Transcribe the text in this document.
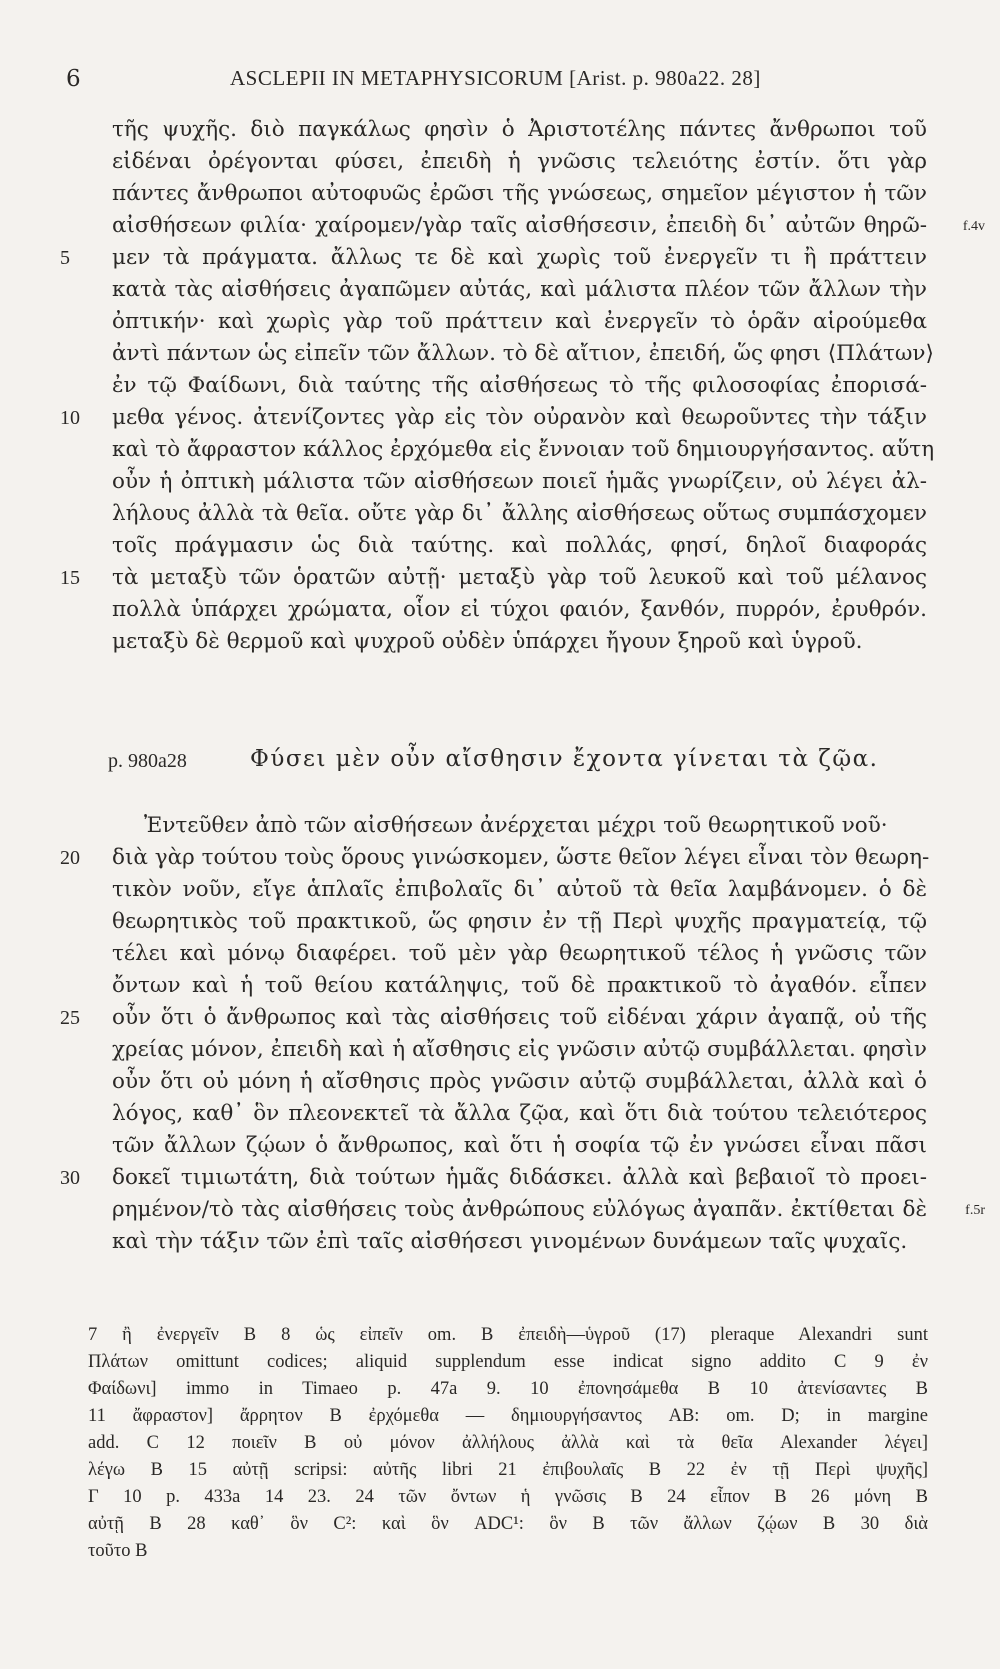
6	ASCLEPII IN METAPHYSICORUM [Arist. p. 980a22. 28]
τῆς ψυχῆς. διὸ παγκάλως φησὶν ὁ Ἀριστοτέλης πάντες ἄνθρωποι τοῦ
εἰδέναι ὀρέγονται φύσει, ἐπειδὴ ἡ γνῶσις τελειότης ἐστίν. ὅτι γὰρ
πάντες ἄνθρωποι αὐτοφυῶς ἐρῶσι τῆς γνώσεως, σημεῖον μέγιστον ἡ τῶν
αἰσθήσεων φιλία· χαίρομεν/γὰρ ταῖς αἰσθήσεσιν, ἐπειδὴ δι᾽ αὐτῶν θηρῶ-	f.4v
μεν τὰ πράγματα. ἄλλως τε δὲ καὶ χωρὶς τοῦ ἐνεργεῖν τι ἢ πράττειν
5
κατὰ τὰς αἰσθήσεις ἀγαπῶμεν αὐτάς, καὶ μάλιστα πλέον τῶν ἄλλων τὴν
ὀπτικήν· καὶ χωρὶς γὰρ τοῦ πράττειν καὶ ἐνεργεῖν τὸ ὁρᾶν αἱρούμεθα
ἀντὶ πάντων ὡς εἰπεῖν τῶν ἄλλων. τὸ δὲ αἴτιον, ἐπειδή, ὥς φησι ⟨Πλάτων⟩
ἐν τῷ Φαίδωνι, διὰ ταύτης τῆς αἰσθήσεως τὸ τῆς φιλοσοφίας ἐπορισά-
μεθα γένος. ἀτενίζοντες γὰρ εἰς τὸν οὐρανὸν καὶ θεωροῦντες τὴν τάξιν
10
καὶ τὸ ἄφραστον κάλλος ἐρχόμεθα εἰς ἔννοιαν τοῦ δημιουργήσαντος. αὕτη
οὖν ἡ ὀπτικὴ μάλιστα τῶν αἰσθήσεων ποιεῖ ἡμᾶς γνωρίζειν, οὐ λέγει ἀλ-
λήλους ἀλλὰ τὰ θεῖα. οὔτε γὰρ δι᾽ ἄλλης αἰσθήσεως οὕτως συμπάσχομεν
τοῖς πράγμασιν ὡς διὰ ταύτης. καὶ πολλάς, φησί, δηλοῖ διαφοράς
τὰ μεταξὺ τῶν ὁρατῶν αὐτῇ· μεταξὺ γὰρ τοῦ λευκοῦ καὶ τοῦ μέλανος
15
πολλὰ ὑπάρχει χρώματα, οἷον εἰ τύχοι φαιόν, ξανθόν, πυρρόν, ἐρυθρόν.
μεταξὺ δὲ θερμοῦ καὶ ψυχροῦ οὐδὲν ὑπάρχει ἤγουν ξηροῦ καὶ ὑγροῦ.
p. 980a28	Φύσει μὲν οὖν αἴσθησιν ἔχοντα γίνεται τὰ ζῷα.
Ἐντεῦθεν ἀπὸ τῶν αἰσθήσεων ἀνέρχεται μέχρι τοῦ θεωρητικοῦ νοῦ·
διὰ γὰρ τούτου τοὺς ὅρους γινώσκομεν, ὥστε θεῖον λέγει εἶναι τὸν θεωρη-
20
τικὸν νοῦν, εἴγε ἁπλαῖς ἐπιβολαῖς δι᾽ αὐτοῦ τὰ θεῖα λαμβάνομεν. ὁ δὲ
θεωρητικὸς τοῦ πρακτικοῦ, ὥς φησιν ἐν τῇ Περὶ ψυχῆς πραγματείᾳ, τῷ
τέλει καὶ μόνῳ διαφέρει. τοῦ μὲν γὰρ θεωρητικοῦ τέλος ἡ γνῶσις τῶν
ὄντων καὶ ἡ τοῦ θείου κατάληψις, τοῦ δὲ πρακτικοῦ τὸ ἀγαθόν. εἶπεν
οὖν ὅτι ὁ ἄνθρωπος καὶ τὰς αἰσθήσεις τοῦ εἰδέναι χάριν ἀγαπᾷ, οὐ τῆς
25
χρείας μόνον, ἐπειδὴ καὶ ἡ αἴσθησις εἰς γνῶσιν αὐτῷ συμβάλλεται. φησὶν
οὖν ὅτι οὐ μόνη ἡ αἴσθησις πρὸς γνῶσιν αὐτῷ συμβάλλεται, ἀλλὰ καὶ ὁ
λόγος, καθ᾽ ὃν πλεονεκτεῖ τὰ ἄλλα ζῷα, καὶ ὅτι διὰ τούτου τελειότερος
τῶν ἄλλων ζῴων ὁ ἄνθρωπος, καὶ ὅτι ἡ σοφία τῷ ἐν γνώσει εἶναι πᾶσι
δοκεῖ τιμιωτάτη, διὰ τούτων ἡμᾶς διδάσκει. ἀλλὰ καὶ βεβαιοῖ τὸ προει-
30
ρημένον/τὸ τὰς αἰσθήσεις τοὺς ἀνθρώπους εὐλόγως ἀγαπᾶν. ἐκτίθεται δὲ	f.5r
καὶ τὴν τάξιν τῶν ἐπὶ ταῖς αἰσθήσεσι γινομένων δυνάμεων ταῖς ψυχαῖς.
7 ἢ ἐνεργεῖν B 8 ὡς εἰπεῖν om. B ἐπειδὴ—ὑγροῦ (17) pleraque Alexandri sunt
Πλάτων omittunt codices; aliquid supplendum esse indicat signo addito C 9 ἐν
Φαίδωνι] immo in Timaeo p. 47a 9. 10 ἐπονησάμεθα B 10 ἀτενίσαντες B
11 ἄφραστον] ἄρρητον B ἐρχόμεθα — δημιουργήσαντος AB: om. D; in margine
add. C 12 ποιεῖν B οὐ μόνον ἀλλήλους ἀλλὰ καὶ τὰ θεῖα Alexander λέγει]
λέγω B 15 αὐτῇ scripsi: αὐτῆς libri 21 ἐπιβουλαῖς B 22 ἐν τῇ Περὶ ψυχῆς]
Γ 10 p. 433a 14 23. 24 τῶν ὄντων ἡ γνῶσις B 24 εἶπον B 26 μόνη B
αὐτῇ B 28 καθ᾽ ὃν C²: καὶ ὃν ADC¹: ὃν B τῶν ἄλλων ζῴων B 30 διὰ
τοῦτο B
